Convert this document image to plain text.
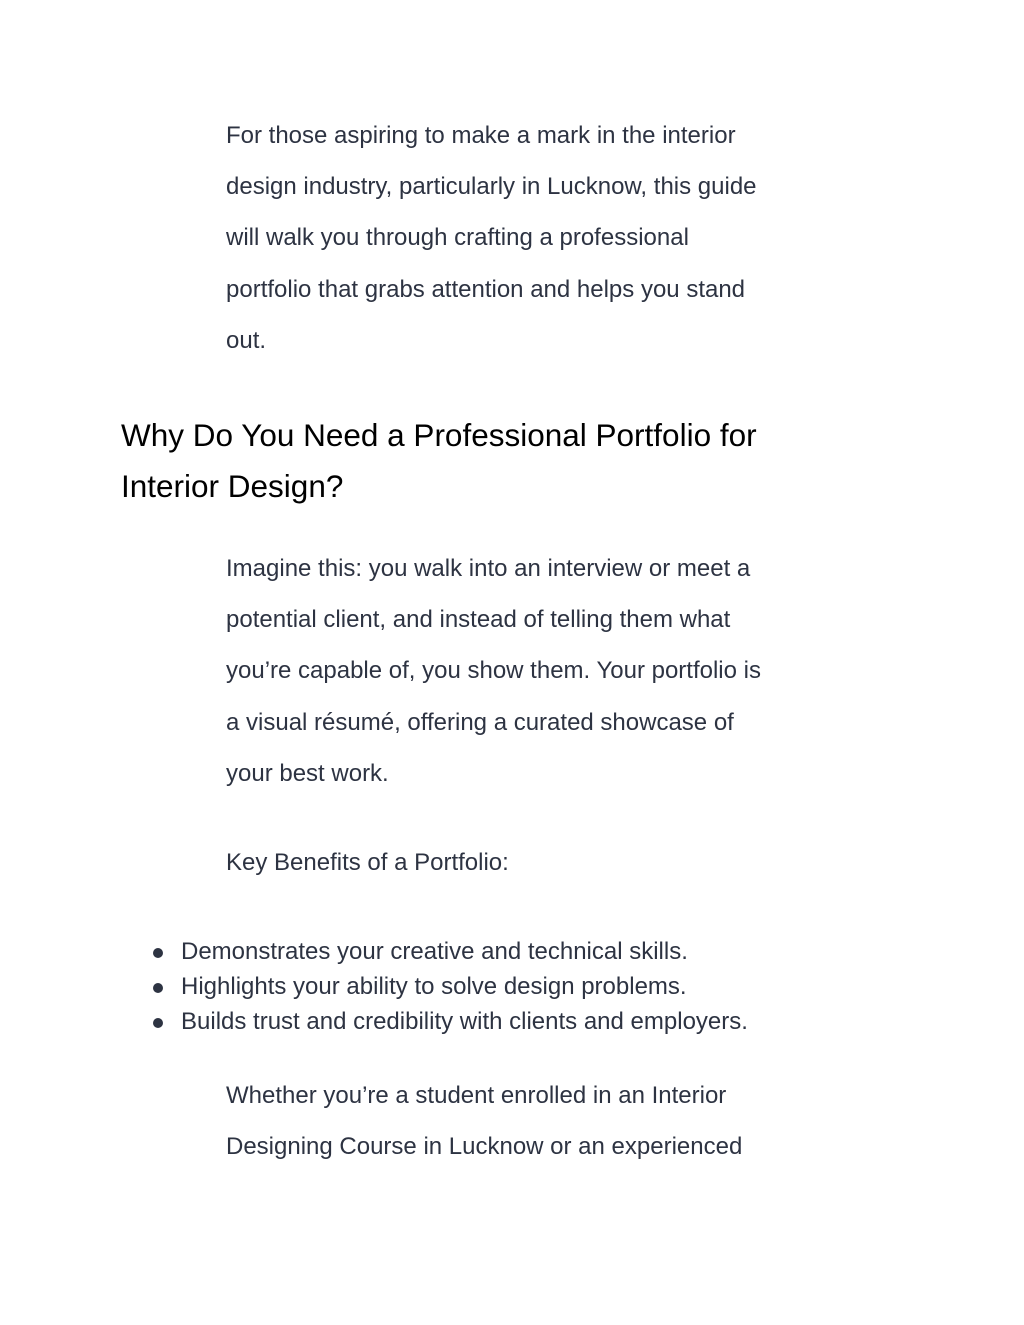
For those aspiring to make a mark in the interior
design industry, particularly in Lucknow, this guide
will walk you through crafting a professional
portfolio that grabs attention and helps you stand
out.

Why Do You Need a Professional Portfolio for
Interior Design?

Imagine this: you walk into an interview or meet a
potential client, and instead of telling them what
you’re capable of, you show them. Your portfolio is
a visual résumé, offering a curated showcase of
your best work.

Key Benefits of a Portfolio:

Demonstrates your creative and technical skills.
Highlights your ability to solve design problems.
Builds trust and credibility with clients and employers.

Whether you’re a student enrolled in an Interior
Designing Course in Lucknow or an experienced
